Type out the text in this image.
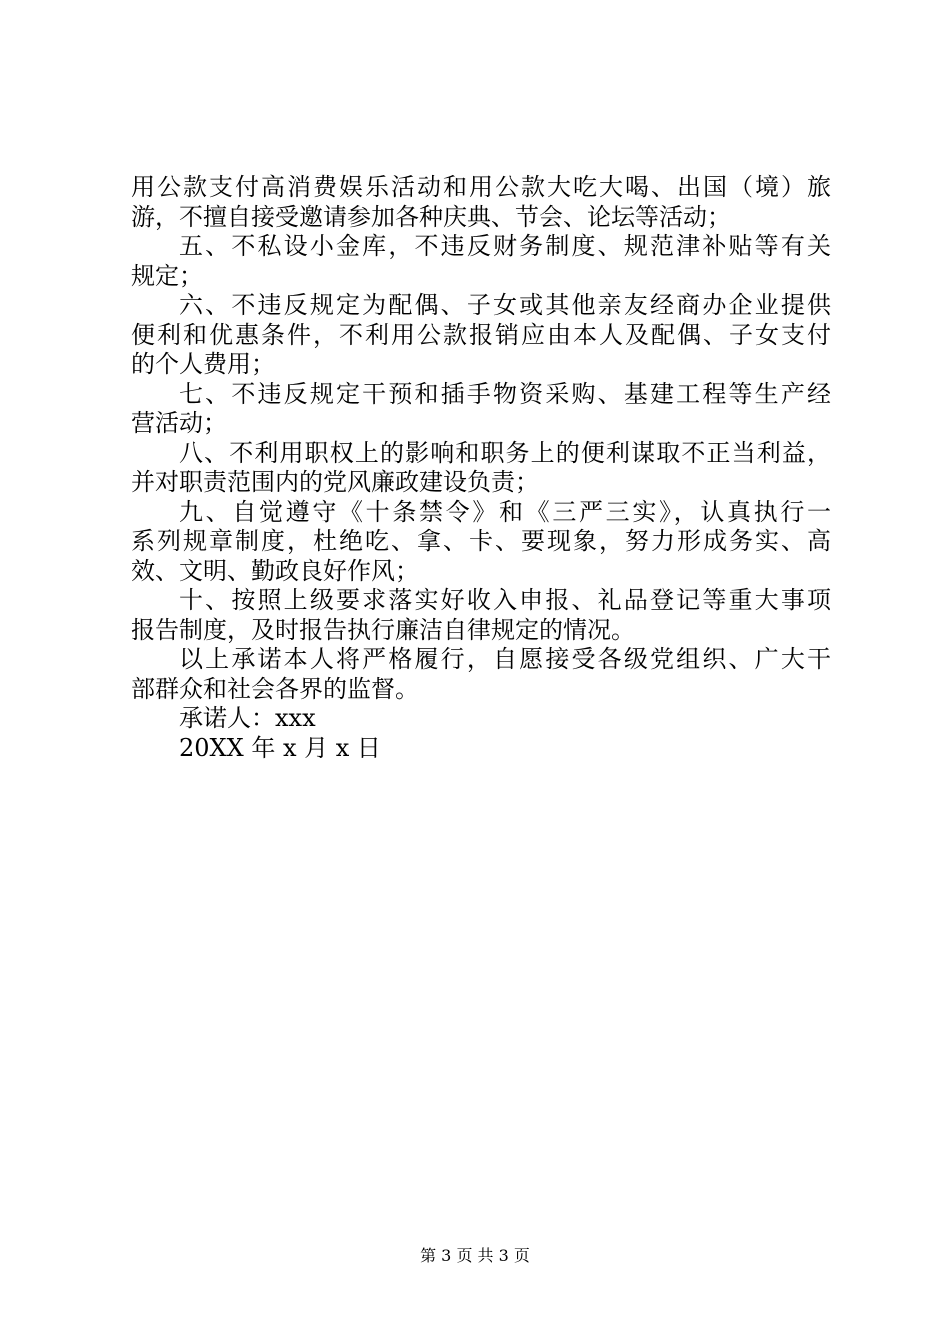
用公款支付高消费娱乐活动和用公款大吃大喝、出国（境）旅
游，不擅自接受邀请参加各种庆典、节会、论坛等活动；
五、不私设小金库，不违反财务制度、规范津补贴等有关
规定；
六、不违反规定为配偶、子女或其他亲友经商办企业提供
便利和优惠条件，不利用公款报销应由本人及配偶、子女支付
的个人费用；
七、不违反规定干预和插手物资采购、基建工程等生产经
营活动；
八、不利用职权上的影响和职务上的便利谋取不正当利益，
并对职责范围内的党风廉政建设负责；
九、自觉遵守《十条禁令》和《三严三实》，认真执行一
系列规章制度，杜绝吃、拿、卡、要现象，努力形成务实、高
效、文明、勤政良好作风；
十、按照上级要求落实好收入申报、礼品登记等重大事项
报告制度，及时报告执行廉洁自律规定的情况。
以上承诺本人将严格履行，自愿接受各级党组织、广大干
部群众和社会各界的监督。
承诺人：xxx
20XX 年 x 月 x 日
第 3 页 共 3 页
